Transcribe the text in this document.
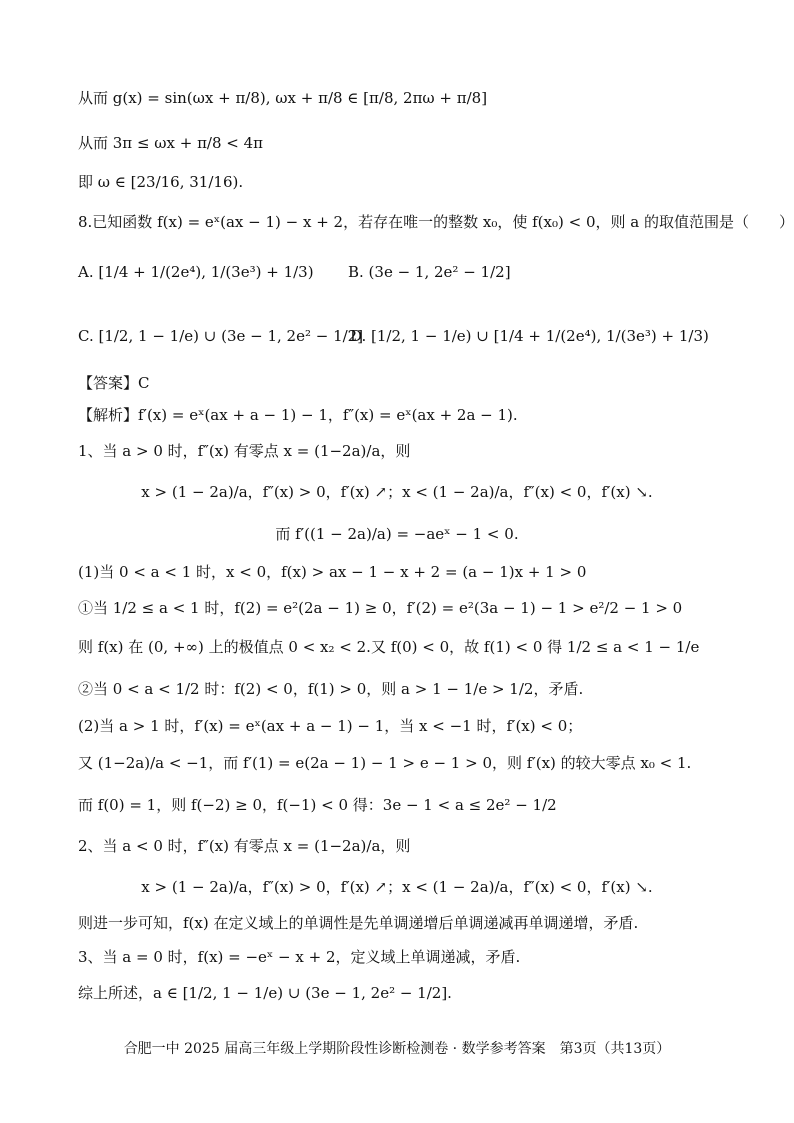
从而 g(x) = sin(ωx + π/8), ωx + π/8 ∈ [π/8, 2πω + π/8]
从而 3π ≤ ωx + π/8 < 4π
即 ω ∈ [23/16, 31/16).
8.已知函数 f(x) = eˣ(ax − 1) − x + 2，若存在唯一的整数 x₀，使 f(x₀) < 0，则 a 的取值范围是（　　）
A. [1/4 + 1/(2e⁴), 1/(3e³) + 1/3) B. (3e − 1, 2e² − 1/2]
C. [1/2, 1 − 1/e) ∪ (3e − 1, 2e² − 1/2]
D. [1/2, 1 − 1/e) ∪ [1/4 + 1/(2e⁴), 1/(3e³) + 1/3)
【答案】C
【解析】f′(x) = eˣ(ax + a − 1) − 1，f″(x) = eˣ(ax + 2a − 1).
1、当 a > 0 时，f″(x) 有零点 x = (1−2a)/a，则
x > (1 − 2a)/a，f″(x) > 0，f′(x) ↗；x < (1 − 2a)/a，f″(x) < 0，f′(x) ↘.
而 f′((1 − 2a)/a) = −aeˣ − 1 < 0.
(1)当 0 < a < 1 时，x < 0，f(x) > ax − 1 − x + 2 = (a − 1)x + 1 > 0
①当 1/2 ≤ a < 1 时，f(2) = e²(2a − 1) ≥ 0，f′(2) = e²(3a − 1) − 1 > e²/2 − 1 > 0
则 f(x) 在 (0, +∞) 上的极值点 0 < x₂ < 2.又 f(0) < 0，故 f(1) < 0 得 1/2 ≤ a < 1 − 1/e
②当 0 < a < 1/2 时：f(2) < 0，f(1) > 0，则 a > 1 − 1/e > 1/2，矛盾.
(2)当 a > 1 时，f′(x) = eˣ(ax + a − 1) − 1，当 x < −1 时，f′(x) < 0；
又 (1−2a)/a < −1，而 f′(1) = e(2a − 1) − 1 > e − 1 > 0，则 f′(x) 的较大零点 x₀ < 1.
而 f(0) = 1，则 f(−2) ≥ 0，f(−1) < 0 得：3e − 1 < a ≤ 2e² − 1/2
2、当 a < 0 时，f″(x) 有零点 x = (1−2a)/a，则
x > (1 − 2a)/a，f″(x) > 0，f′(x) ↗；x < (1 − 2a)/a，f″(x) < 0，f′(x) ↘.
则进一步可知，f(x) 在定义域上的单调性是先单调递增后单调递减再单调递增，矛盾.
3、当 a = 0 时，f(x) = −eˣ − x + 2，定义域上单调递减，矛盾.
综上所述，a ∈ [1/2, 1 − 1/e) ∪ (3e − 1, 2e² − 1/2].
合肥一中 2025 届高三年级上学期阶段性诊断检测卷 · 数学参考答案　第3页（共13页）
